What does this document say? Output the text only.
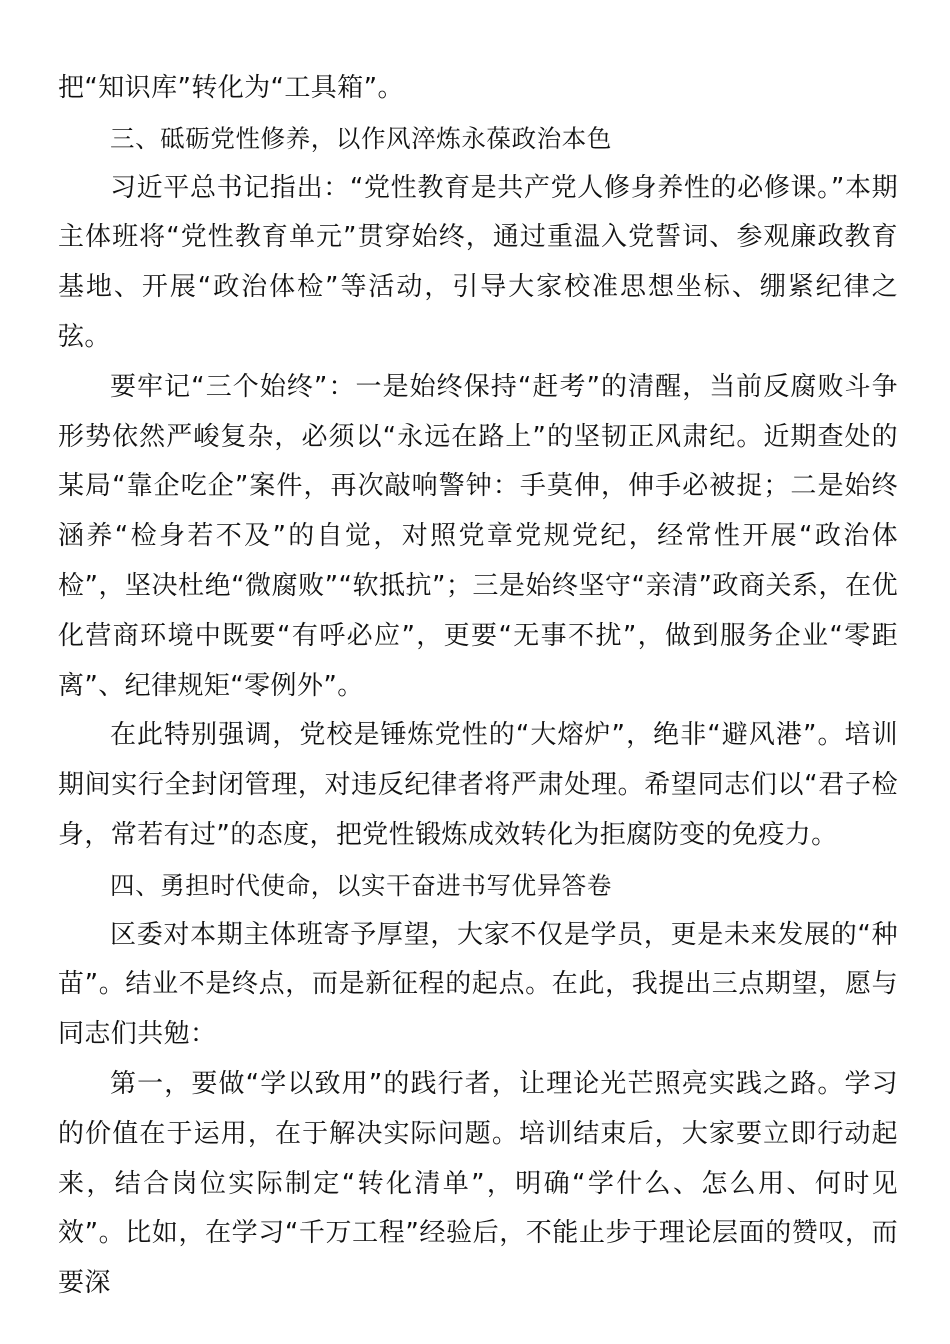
把“知识库”转化为“工具箱”。

三、砥砺党性修养，以作风淬炼永葆政治本色

习近平总书记指出：“党性教育是共产党人修身养性的必修课。”本期主体班将“党性教育单元”贯穿始终，通过重温入党誓词、参观廉政教育基地、开展“政治体检”等活动，引导大家校准思想坐标、绷紧纪律之弦。

要牢记“三个始终”：一是始终保持“赶考”的清醒，当前反腐败斗争形势依然严峻复杂，必须以“永远在路上”的坚韧正风肃纪。近期查处的某局“靠企吃企”案件，再次敲响警钟：手莫伸，伸手必被捉；二是始终涵养“检身若不及”的自觉，对照党章党规党纪，经常性开展“政治体检”，坚决杜绝“微腐败”“软抵抗”；三是始终坚守“亲清”政商关系，在优化营商环境中既要“有呼必应”，更要“无事不扰”，做到服务企业“零距离”、纪律规矩“零例外”。

在此特别强调，党校是锤炼党性的“大熔炉”，绝非“避风港”。培训期间实行全封闭管理，对违反纪律者将严肃处理。希望同志们以“君子检身，常若有过”的态度，把党性锻炼成效转化为拒腐防变的免疫力。

四、勇担时代使命，以实干奋进书写优异答卷

区委对本期主体班寄予厚望，大家不仅是学员，更是未来发展的“种苗”。结业不是终点，而是新征程的起点。在此，我提出三点期望，愿与同志们共勉：

第一，要做“学以致用”的践行者，让理论光芒照亮实践之路。学习的价值在于运用，在于解决实际问题。培训结束后，大家要立即行动起来，结合岗位实际制定“转化清单”，明确“学什么、怎么用、何时见效”。比如，在学习“千万工程”经验后，不能止步于理论层面的赞叹，而要深
